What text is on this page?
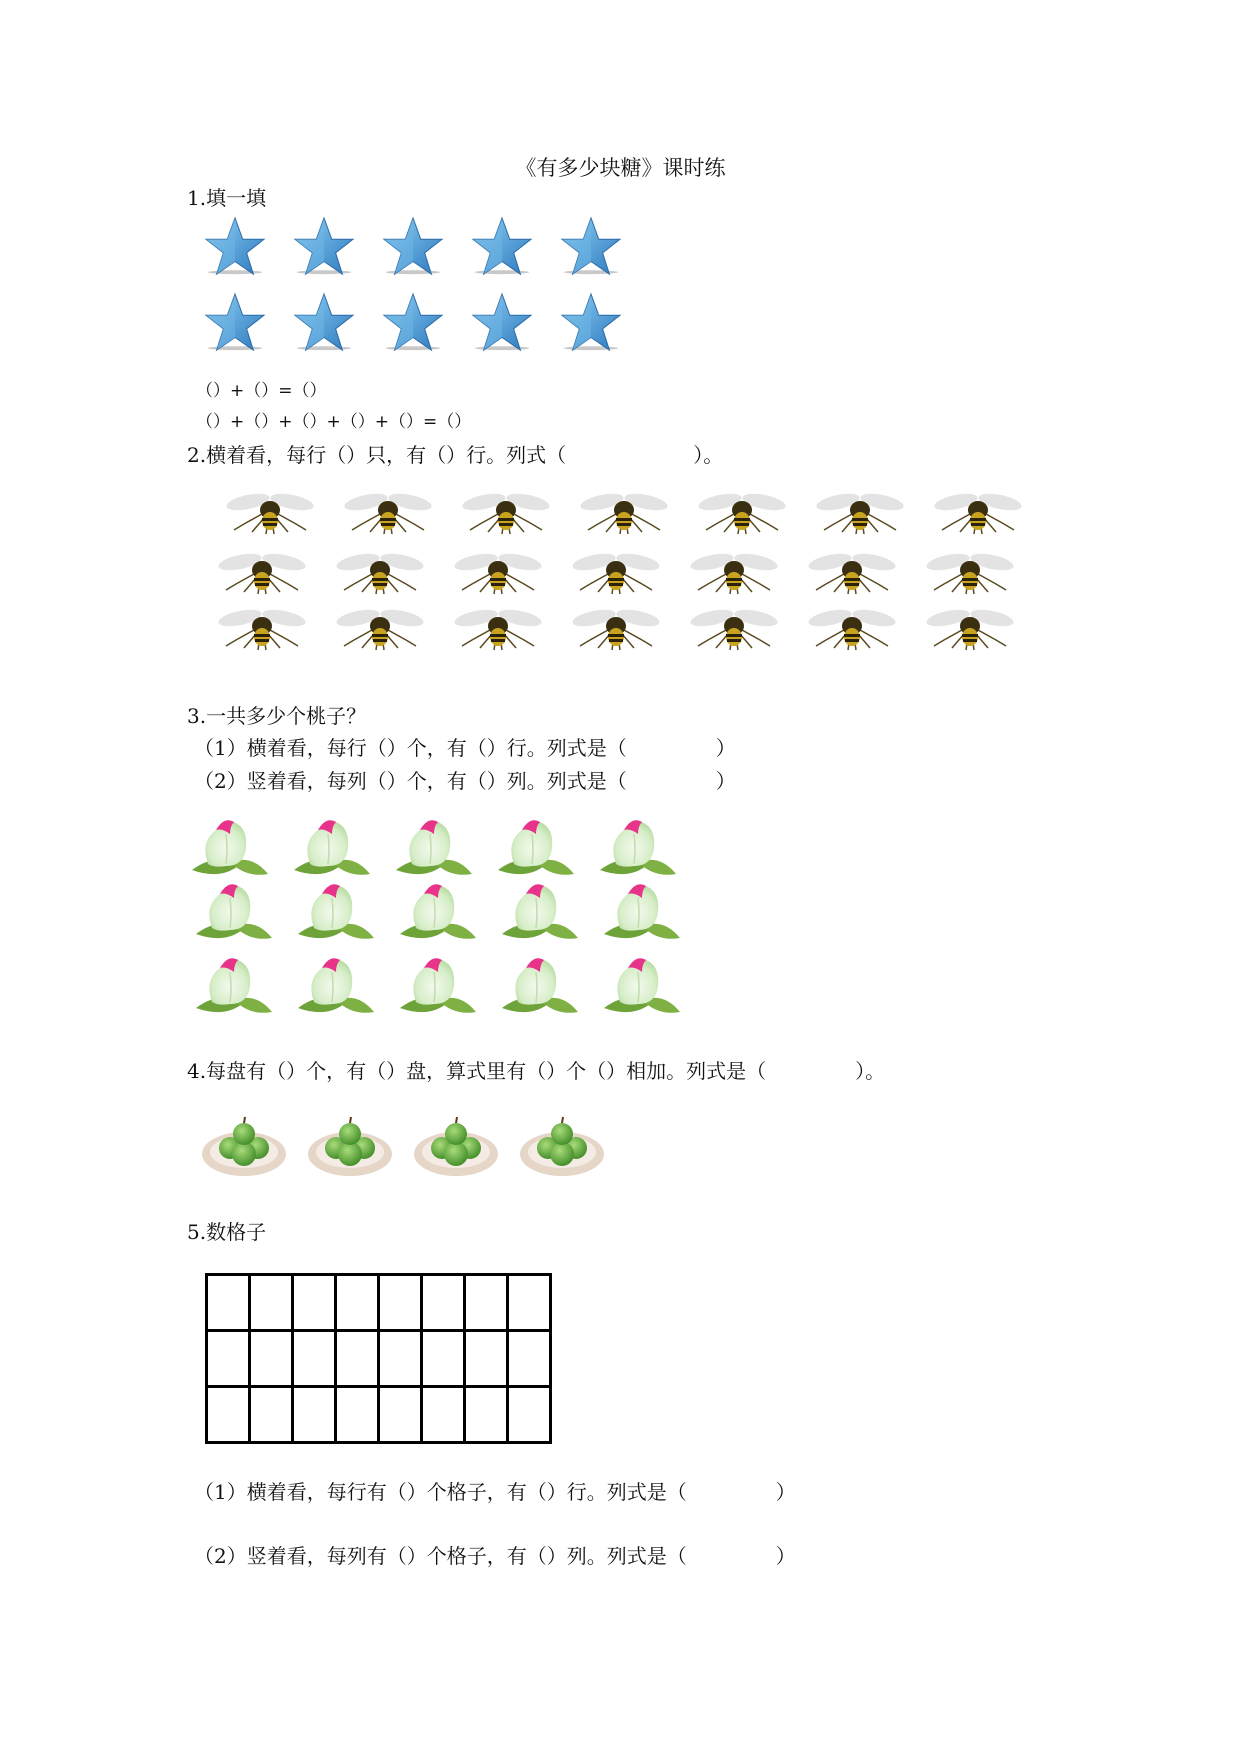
《有多少块糖》课时练
1.填一填
（）+（）=（）
（）+（）+（）+（）+（）=（）
2.横着看，每行（）只，有（）行。列式（                    ）。
3.一共多少个桃子？
（1）横着看，每行（）个，有（）行。列式是（              ）
（2）竖着看，每列（）个，有（）列。列式是（              ）
4.每盘有（）个，有（）盘，算式里有（）个（）相加。列式是（              ）。
5.数格子

（1）横着看，每行有（）个格子，有（）行。列式是（              ）
（2）竖着看，每列有（）个格子，有（）列。列式是（              ）
